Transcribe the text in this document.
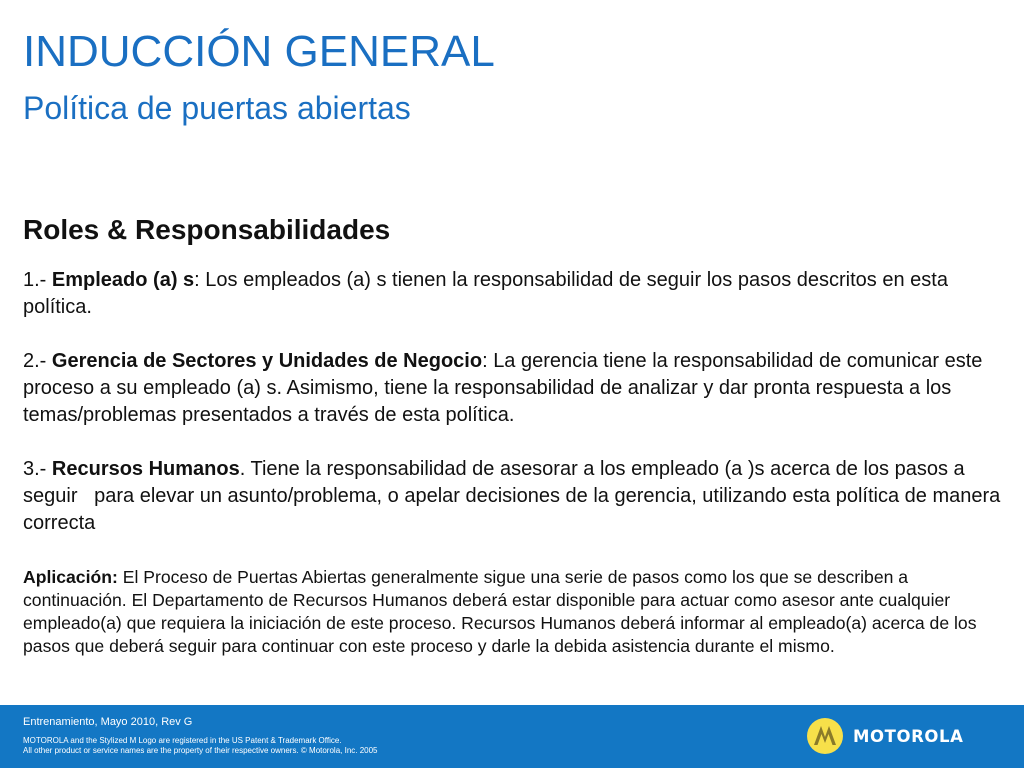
INDUCCIÓN GENERAL
Política de puertas abiertas
Roles & Responsabilidades

1.- Empleado (a) s: Los empleados (a) s tienen la responsabilidad de seguir los pasos descritos en esta política.

2.- Gerencia de Sectores y Unidades de Negocio: La gerencia tiene la responsabilidad de comunicar este proceso a su empleado (a) s. Asimismo, tiene la responsabilidad de analizar y dar pronta respuesta a los temas/problemas presentados a través de esta política.

3.- Recursos Humanos. Tiene la responsabilidad de asesorar a los empleado (a )s acerca de los pasos a     seguir   para elevar un asunto/problema, o apelar decisiones de la gerencia, utilizando esta política de manera correcta

Aplicación: El Proceso de Puertas Abiertas generalmente sigue una serie de pasos como los que se describen a continuación. El Departamento de Recursos Humanos deberá estar disponible para actuar como asesor ante cualquier empleado(a) que requiera la iniciación de este proceso. Recursos Humanos deberá informar al empleado(a) acerca de los pasos que deberá seguir para continuar con este proceso y darle la debida asistencia durante el mismo.

Entrenamiento, Mayo 2010, Rev G

MOTOROLA and the Stylized M Logo are registered in the US Patent & Trademark Office.
All other product or service names are the property of their respective owners. © Motorola, Inc. 2005

MOTOROLA
